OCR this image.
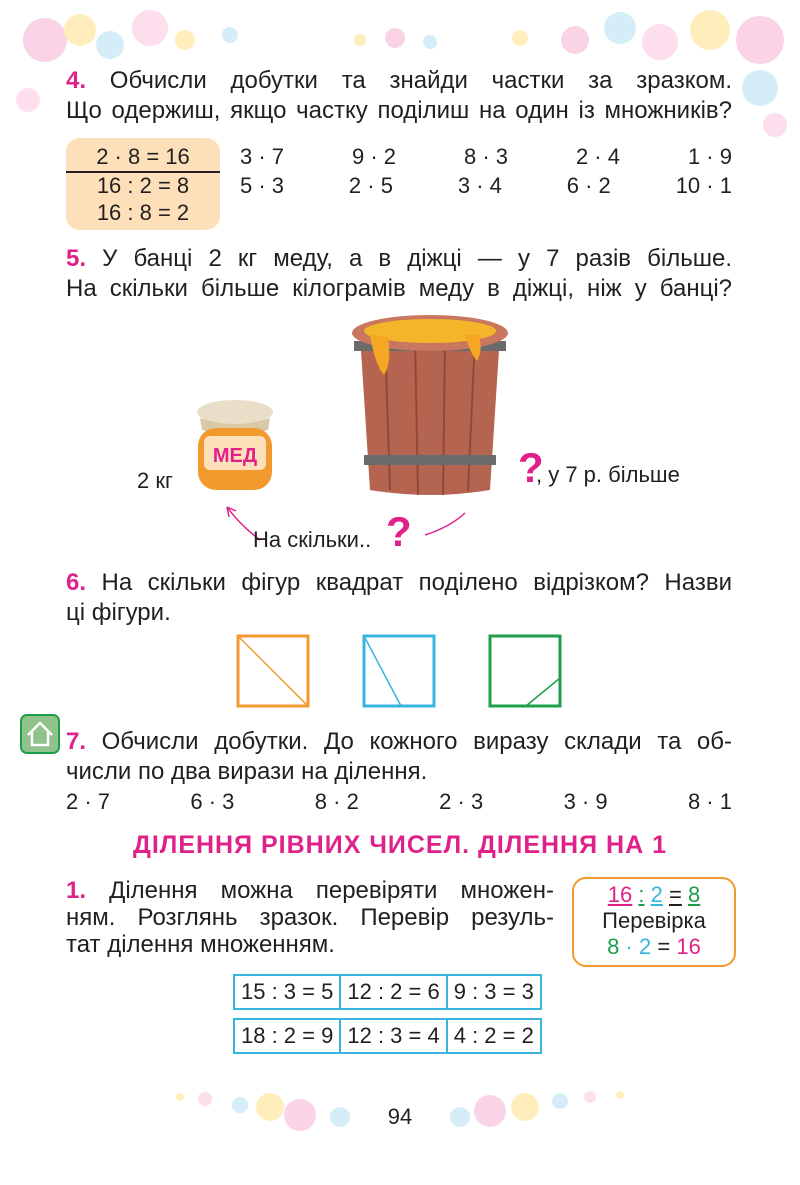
4. Обчисли добутки та знайди частки за зразком.
Що одержиш, якщо частку поділиш на один із множників?
2 · 8 = 16
16 : 2 = 8
16 : 8 = 2
3 · 7	9 · 2	8 · 3	2 · 4	1 · 9
5 · 3	2 · 5	3 · 4	6 · 2	10 · 1
5. У банці 2 кг меду, а в діжці — у 7 разів більше.
На скільки більше кілограмів меду в діжці, ніж у банці?
МЕД
2 кг	?
, у 7 р. більше
На скільки.. ?
6. На скільки фігур квадрат поділено відрізком? Назви
ці фігури.
7. Обчисли добутки. До кожного виразу склади та об-
числи по два вирази на ділення.
2 · 7	6 · 3	8 · 2	2 · 3	3 · 9	8 · 1
ДІЛЕННЯ РІВНИХ ЧИСЕЛ. ДІЛЕННЯ НА 1
1. Ділення можна перевіряти множен-
ням. Розглянь зразок. Перевір резуль-
тат ділення множенням.
16 : 2 = 8
Перевірка
8 · 2 = 16
15 : 3 = 5	12 : 2 = 6	9 : 3 = 3
18 : 2 = 9	12 : 3 = 4	4 : 2 = 2
94
